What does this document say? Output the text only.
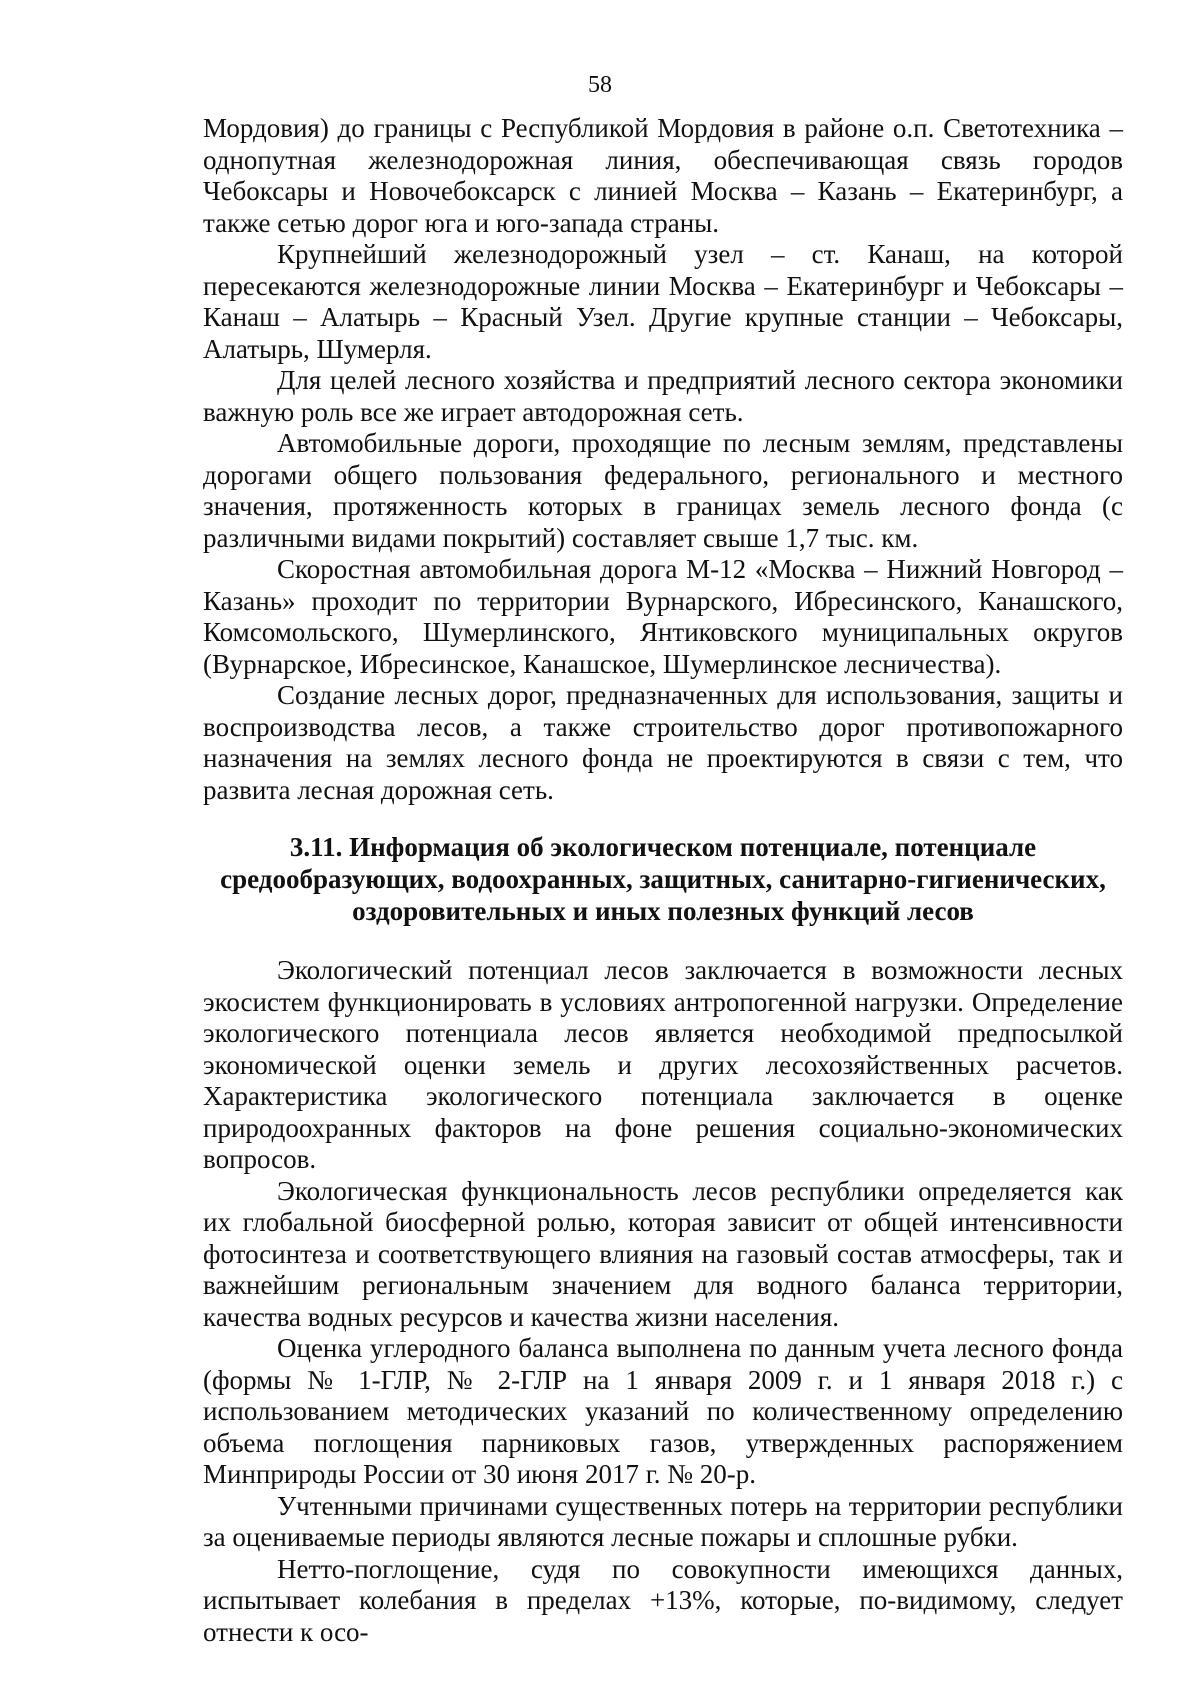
58

Мордовия) до границы с Республикой Мордовия в районе о.п. Светотехника – однопутная железнодорожная линия, обеспечивающая связь городов Чебоксары и Новочебоксарск с линией Москва – Казань – Екатеринбург, а также сетью дорог юга и юго-запада страны.

Крупнейший железнодорожный узел – ст. Канаш, на которой пересекаются железнодорожные линии Москва – Екатеринбург и Чебоксары – Канаш – Алатырь – Красный Узел. Другие крупные станции – Чебоксары, Алатырь, Шумерля.

Для целей лесного хозяйства и предприятий лесного сектора экономики важную роль все же играет автодорожная сеть.

Автомобильные дороги, проходящие по лесным землям, представлены дорогами общего пользования федерального, регионального и местного значения, протяженность которых в границах земель лесного фонда (с различными видами покрытий) составляет свыше 1,7 тыс. км.

Скоростная автомобильная дорога М-12 «Москва – Нижний Новгород – Казань» проходит по территории Вурнарского, Ибресинского, Канашского, Комсомольского, Шумерлинского, Янтиковского муниципальных округов (Вурнарское, Ибресинское, Канашское, Шумерлинское лесничества).

Создание лесных дорог, предназначенных для использования, защиты и воспроизводства лесов, а также строительство дорог противопожарного назначения на землях лесного фонда не проектируются в связи с тем, что развита лесная дорожная сеть.

3.11. Информация об экологическом потенциале, потенциале
средообразующих, водоохранных, защитных, санитарно-гигиенических,
оздоровительных и иных полезных функций лесов

Экологический потенциал лесов заключается в возможности лесных экосистем функционировать в условиях антропогенной нагрузки. Определение экологического потенциала лесов является необходимой предпосылкой экономической оценки земель и других лесохозяйственных расчетов. Характеристика экологического потенциала заключается в оценке природоохранных факторов на фоне решения социально-экономических вопросов.

Экологическая функциональность лесов республики определяется как их глобальной биосферной ролью, которая зависит от общей интенсивности фотосинтеза и соответствующего влияния на газовый состав атмосферы, так и важнейшим региональным значением для водного баланса территории, качества водных ресурсов и качества жизни населения.

Оценка углеродного баланса выполнена по данным учета лесного фонда (формы № 1-ГЛР, № 2-ГЛР на 1 января 2009 г. и 1 января 2018 г.) с использованием методических указаний по количественному определению объема поглощения парниковых газов, утвержденных распоряжением Минприроды России от 30 июня 2017 г. № 20-р.

Учтенными причинами существенных потерь на территории республики за оцениваемые периоды являются лесные пожары и сплошные рубки.

Нетто-поглощение, судя по совокупности имеющихся данных, испытывает колебания в пределах +13%, которые, по-видимому, следует отнести к осо-
